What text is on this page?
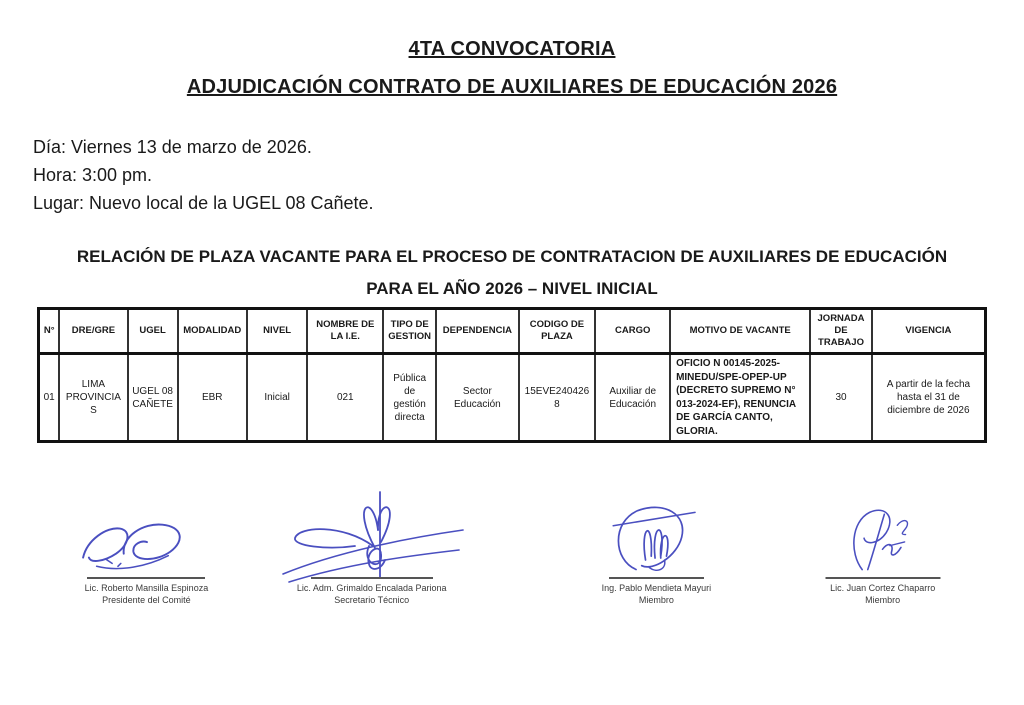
4TA CONVOCATORIA
ADJUDICACIÓN CONTRATO DE AUXILIARES DE EDUCACIÓN 2026
Día: Viernes 13 de marzo de 2026.
Hora: 3:00 pm.
Lugar: Nuevo local de la UGEL 08 Cañete.
RELACIÓN DE PLAZA VACANTE PARA EL PROCESO DE CONTRATACION DE AUXILIARES DE EDUCACIÓN
PARA EL AÑO 2026 – NIVEL INICIAL
N°	DRE/GRE	UGEL	MODALIDAD	NIVEL	NOMBRE DE LA I.E.	TIPO DE GESTION	DEPENDENCIA	CODIGO DE PLAZA	CARGO	MOTIVO DE VACANTE	JORNADA DE TRABAJO	VIGENCIA
01	LIMA PROVINCIAS	UGEL 08 CAÑETE	EBR	Inicial	021	Pública de gestión directa	Sector Educación	15EVE2404268	Auxiliar de Educación	OFICIO N 00145-2025-MINEDU/SPE-OPEP-UP (DECRETO SUPREMO N° 013-2024-EF), RENUNCIA DE GARCÍA CANTO, GLORIA.	30	A partir de la fecha hasta el 31 de diciembre de 2026
Lic. Roberto Mansilla Espinoza
Presidente del Comité
Lic. Adm. Grimaldo Encalada Pariona
Secretario Técnico
Ing. Pablo Mendieta Mayuri
Miembro
Lic. Juan Cortez Chaparro
Miembro
